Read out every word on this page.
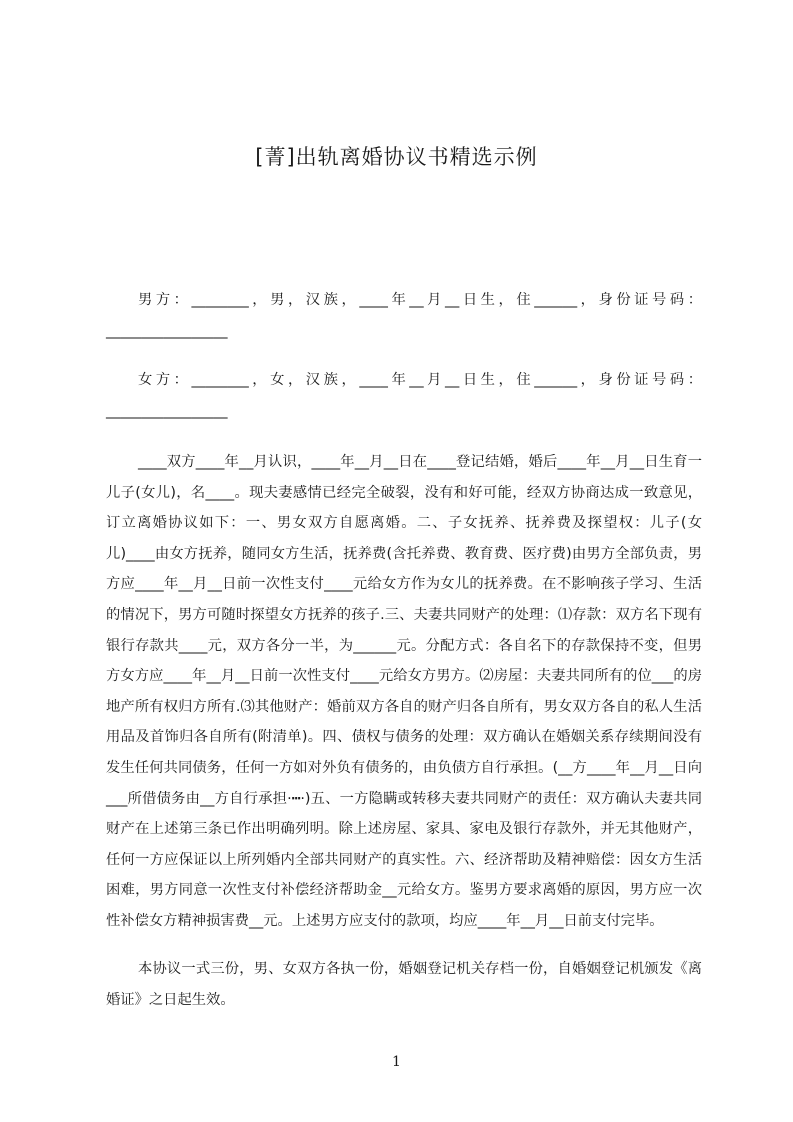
[菁]出轨离婚协议书精选示例

男方：________，男，汉族，____年__月__日生，住______，身份证号码：_________________

女方：________，女，汉族，____年__月__日生，住______，身份证号码：_________________

____双方____年__月认识，____年__月__日在____登记结婚，婚后____年__月__日生育一儿子(女儿)，名____。现夫妻感情已经完全破裂，没有和好可能，经双方协商达成一致意见，订立离婚协议如下：一、男女双方自愿离婚。二、子女抚养、抚养费及探望权：儿子(女儿)____由女方抚养，随同女方生活，抚养费(含托养费、教育费、医疗费)由男方全部负责，男方应____年__月__日前一次性支付____元给女方作为女儿的抚养费。在不影响孩子学习、生活的情况下，男方可随时探望女方抚养的孩子.三、夫妻共同财产的处理：⑴存款：双方名下现有银行存款共____元，双方各分一半，为______元。分配方式：各自名下的存款保持不变，但男方女方应____年__月__日前一次性支付____元给女方男方。⑵房屋：夫妻共同所有的位___的房地产所有权归方所有.⑶其他财产：婚前双方各自的财产归各自所有，男女双方各自的私人生活用品及首饰归各自所有(附清单)。四、债权与债务的处理：双方确认在婚姻关系存续期间没有发生任何共同债务，任何一方如对外负有债务的，由负债方自行承担。(__方____年__月__日向___所借债务由__方自行承担·┅·)五、一方隐瞒或转移夫妻共同财产的责任：双方确认夫妻共同财产在上述第三条已作出明确列明。除上述房屋、家具、家电及银行存款外，并无其他财产，任何一方应保证以上所列婚内全部共同财产的真实性。六、经济帮助及精神赔偿：因女方生活困难，男方同意一次性支付补偿经济帮助金__元给女方。鉴男方要求离婚的原因，男方应一次性补偿女方精神损害费__元。上述男方应支付的款项，均应____年__月__日前支付完毕。

本协议一式三份，男、女双方各执一份，婚姻登记机关存档一份，自婚姻登记机颁发《离婚证》之日起生效。

1
